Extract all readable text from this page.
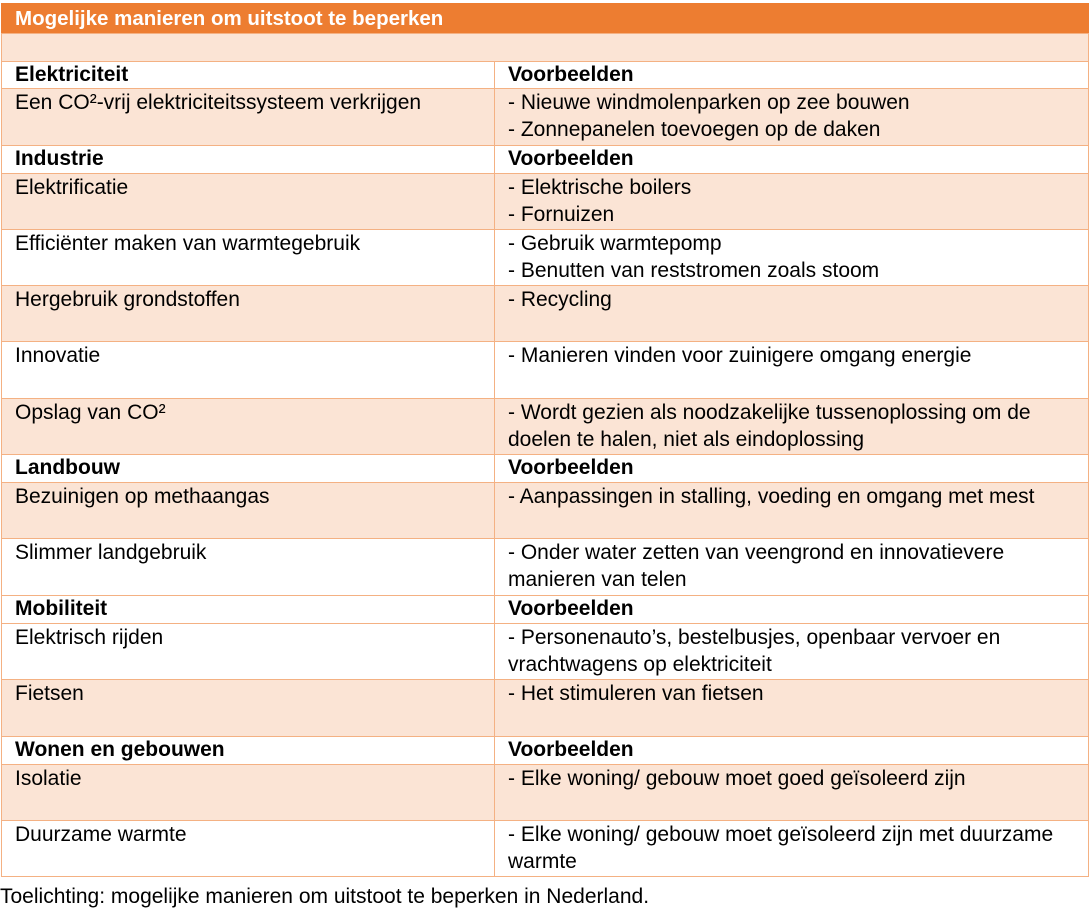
Mogelijke manieren om uitstoot te beperken
Elektriciteit	Voorbeelden
Een CO²-vrij elektriciteitssysteem verkrijgen	- Nieuwe windmolenparken op zee bouwen
- Zonnepanelen toevoegen op de daken
Industrie	Voorbeelden
Elektrificatie	- Elektrische boilers
- Fornuizen
Efficiënter maken van warmtegebruik	- Gebruik warmtepomp
- Benutten van reststromen zoals stoom
Hergebruik grondstoffen	- Recycling
Innovatie	- Manieren vinden voor zuinigere omgang energie
Opslag van CO²	- Wordt gezien als noodzakelijke tussenoplossing om de doelen te halen, niet als eindoplossing
Landbouw	Voorbeelden
Bezuinigen op methaangas	- Aanpassingen in stalling, voeding en omgang met mest
Slimmer landgebruik	- Onder water zetten van veengrond en innovatievere manieren van telen
Mobiliteit	Voorbeelden
Elektrisch rijden	- Personenauto’s, bestelbusjes, openbaar vervoer en vrachtwagens op elektriciteit
Fietsen	- Het stimuleren van fietsen
Wonen en gebouwen	Voorbeelden
Isolatie	- Elke woning/ gebouw moet goed geïsoleerd zijn
Duurzame warmte	- Elke woning/ gebouw moet geïsoleerd zijn met duurzame warmte
Toelichting: mogelijke manieren om uitstoot te beperken in Nederland.
